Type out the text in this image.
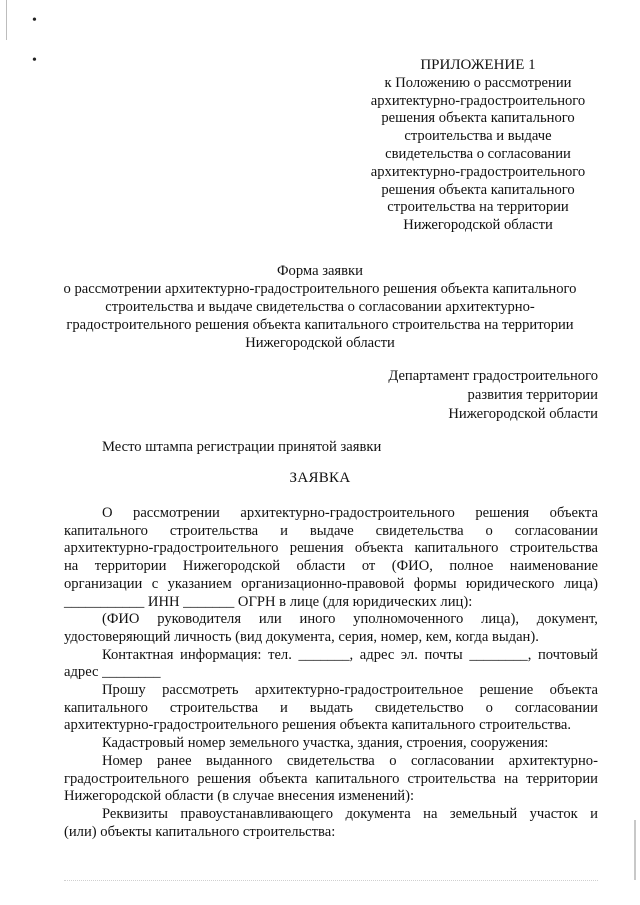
•
•	ПРИЛОЖЕНИЕ 1
к Положению о рассмотрении
архитектурно-градостроительного
решения объекта капитального
строительства и выдаче
свидетельства о согласовании
архитектурно-градостроительного
решения объекта капитального
строительства на территории
Нижегородской области
Форма заявки
о рассмотрении архитектурно-градостроительного решения объекта капитального
строительства и выдаче свидетельства о согласовании архитектурно-
градостроительного решения объекта капитального строительства на территории
Нижегородской области
Департамент градостроительного
развития территории
Нижегородской области
Место штампа регистрации принятой заявки
ЗАЯВКА
О рассмотрении архитектурно-градостроительного решения объекта
капитального строительства и выдаче свидетельства о согласовании
архитектурно-градостроительного решения объекта капитального строительства
на территории Нижегородской области от (ФИО, полное наименование
организации с указанием организационно-правовой формы юридического лица)
___________ ИНН _______ ОГРН в лице (для юридических лиц):
(ФИО руководителя или иного уполномоченного лица), документ,
удостоверяющий личность (вид документа, серия, номер, кем, когда выдан).
Контактная информация: тел. _______, адрес эл. почты ________, почтовый
адрес ________
Прошу рассмотреть архитектурно-градостроительное решение объекта
капитального строительства и выдать свидетельство о согласовании
архитектурно-градостроительного решения объекта капитального строительства.
Кадастровый номер земельного участка, здания, строения, сооружения:
Номер ранее выданного свидетельства о согласовании архитектурно-
градостроительного решения объекта капитального строительства на территории
Нижегородской области (в случае внесения изменений):
Реквизиты правоустанавливающего документа на земельный участок и
(или) объекты капитального строительства:
